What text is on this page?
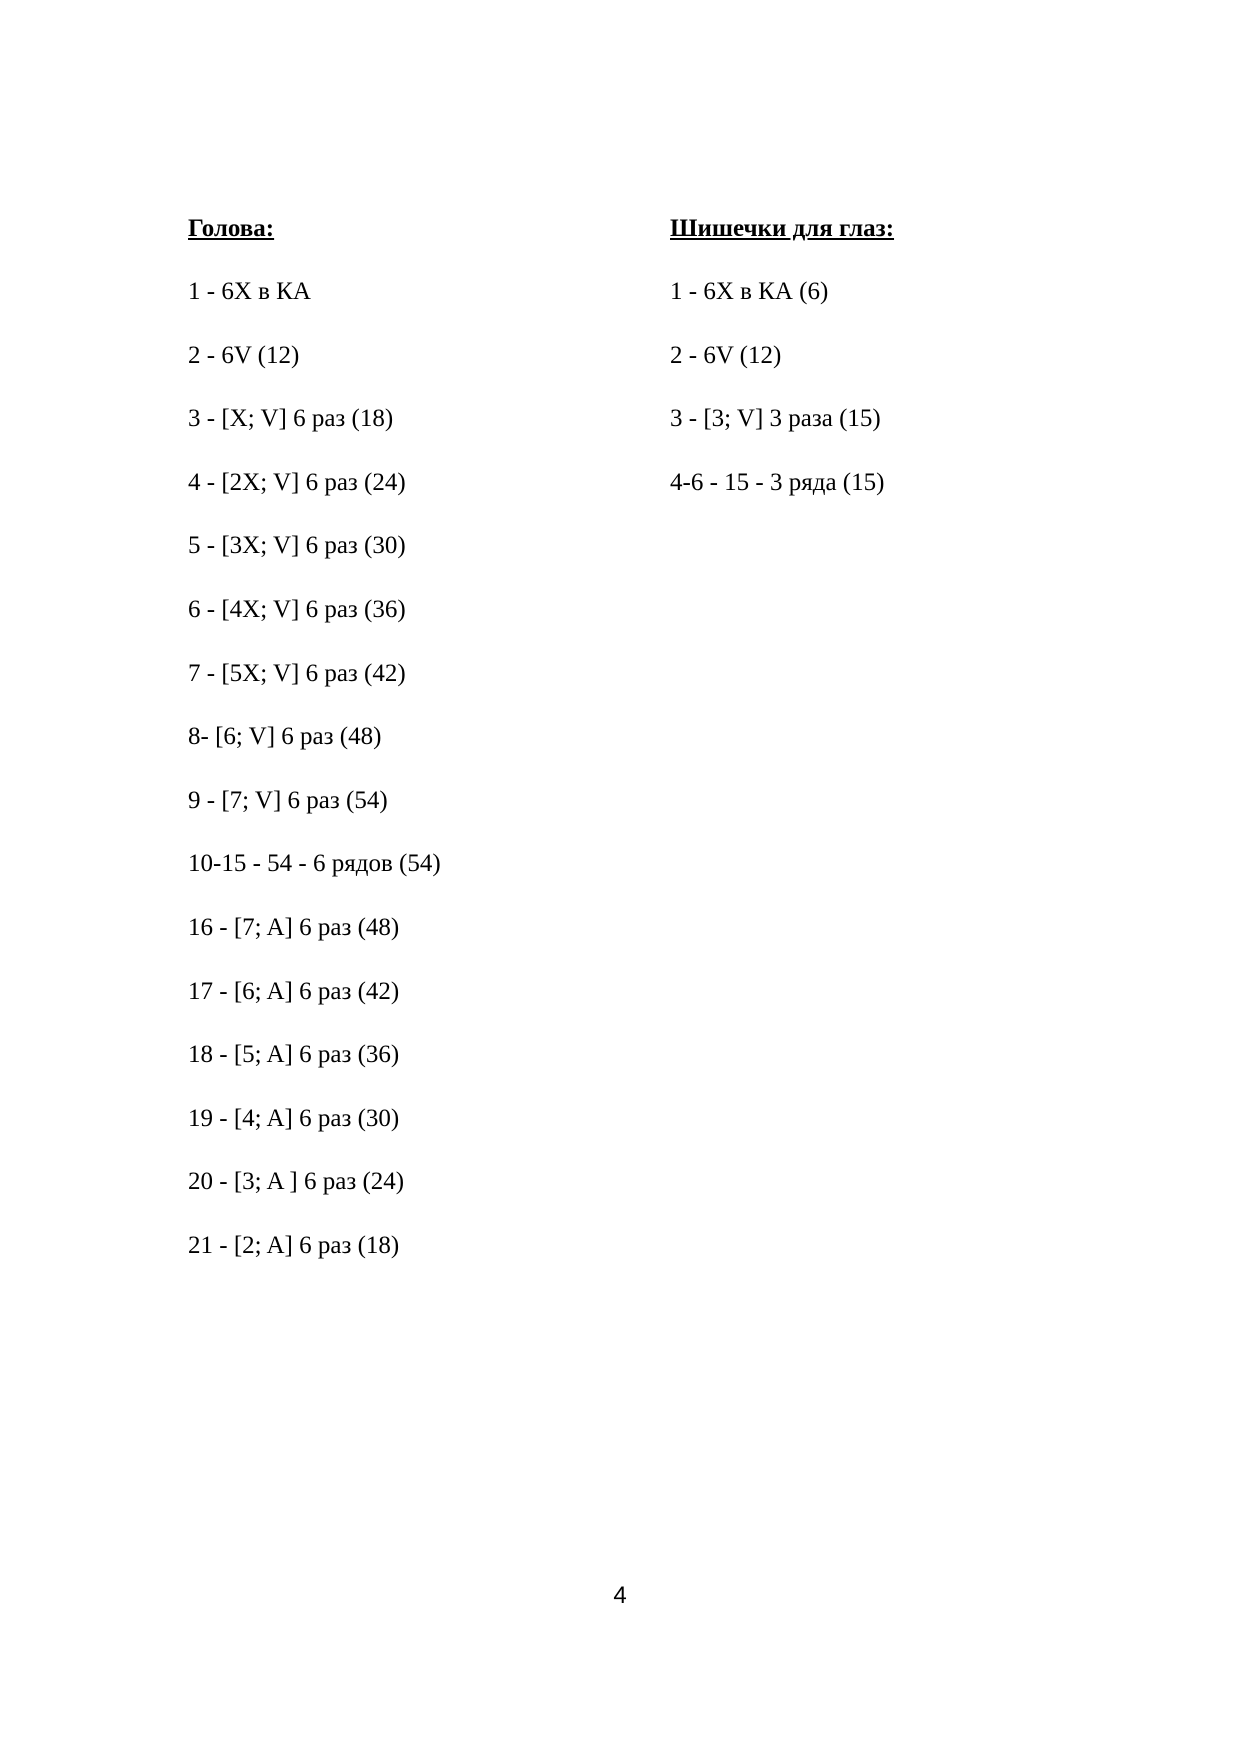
Голова:
1 - 6X в КА
2 - 6V (12)
3 - [X; V] 6 раз (18)
4 - [2X; V] 6 раз (24)
5 - [3X; V] 6 раз (30)
6 - [4X; V] 6 раз (36)
7 - [5X; V] 6 раз (42)
8- [6; V] 6 раз (48)
9 - [7; V] 6 раз (54)
10-15 - 54 - 6 рядов (54)
16 - [7; A] 6 раз (48)
17 - [6; A] 6 раз (42)
18 - [5; A] 6 раз (36)
19 - [4; A] 6 раз (30)
20 - [3; A ] 6 раз (24)
21 - [2; A] 6 раз (18)
Шишечки для глаз:
1 - 6X в КА (6)
2 - 6V (12)
3 - [3; V] 3 раза (15)
4-6 - 15 - 3 ряда (15)
4
